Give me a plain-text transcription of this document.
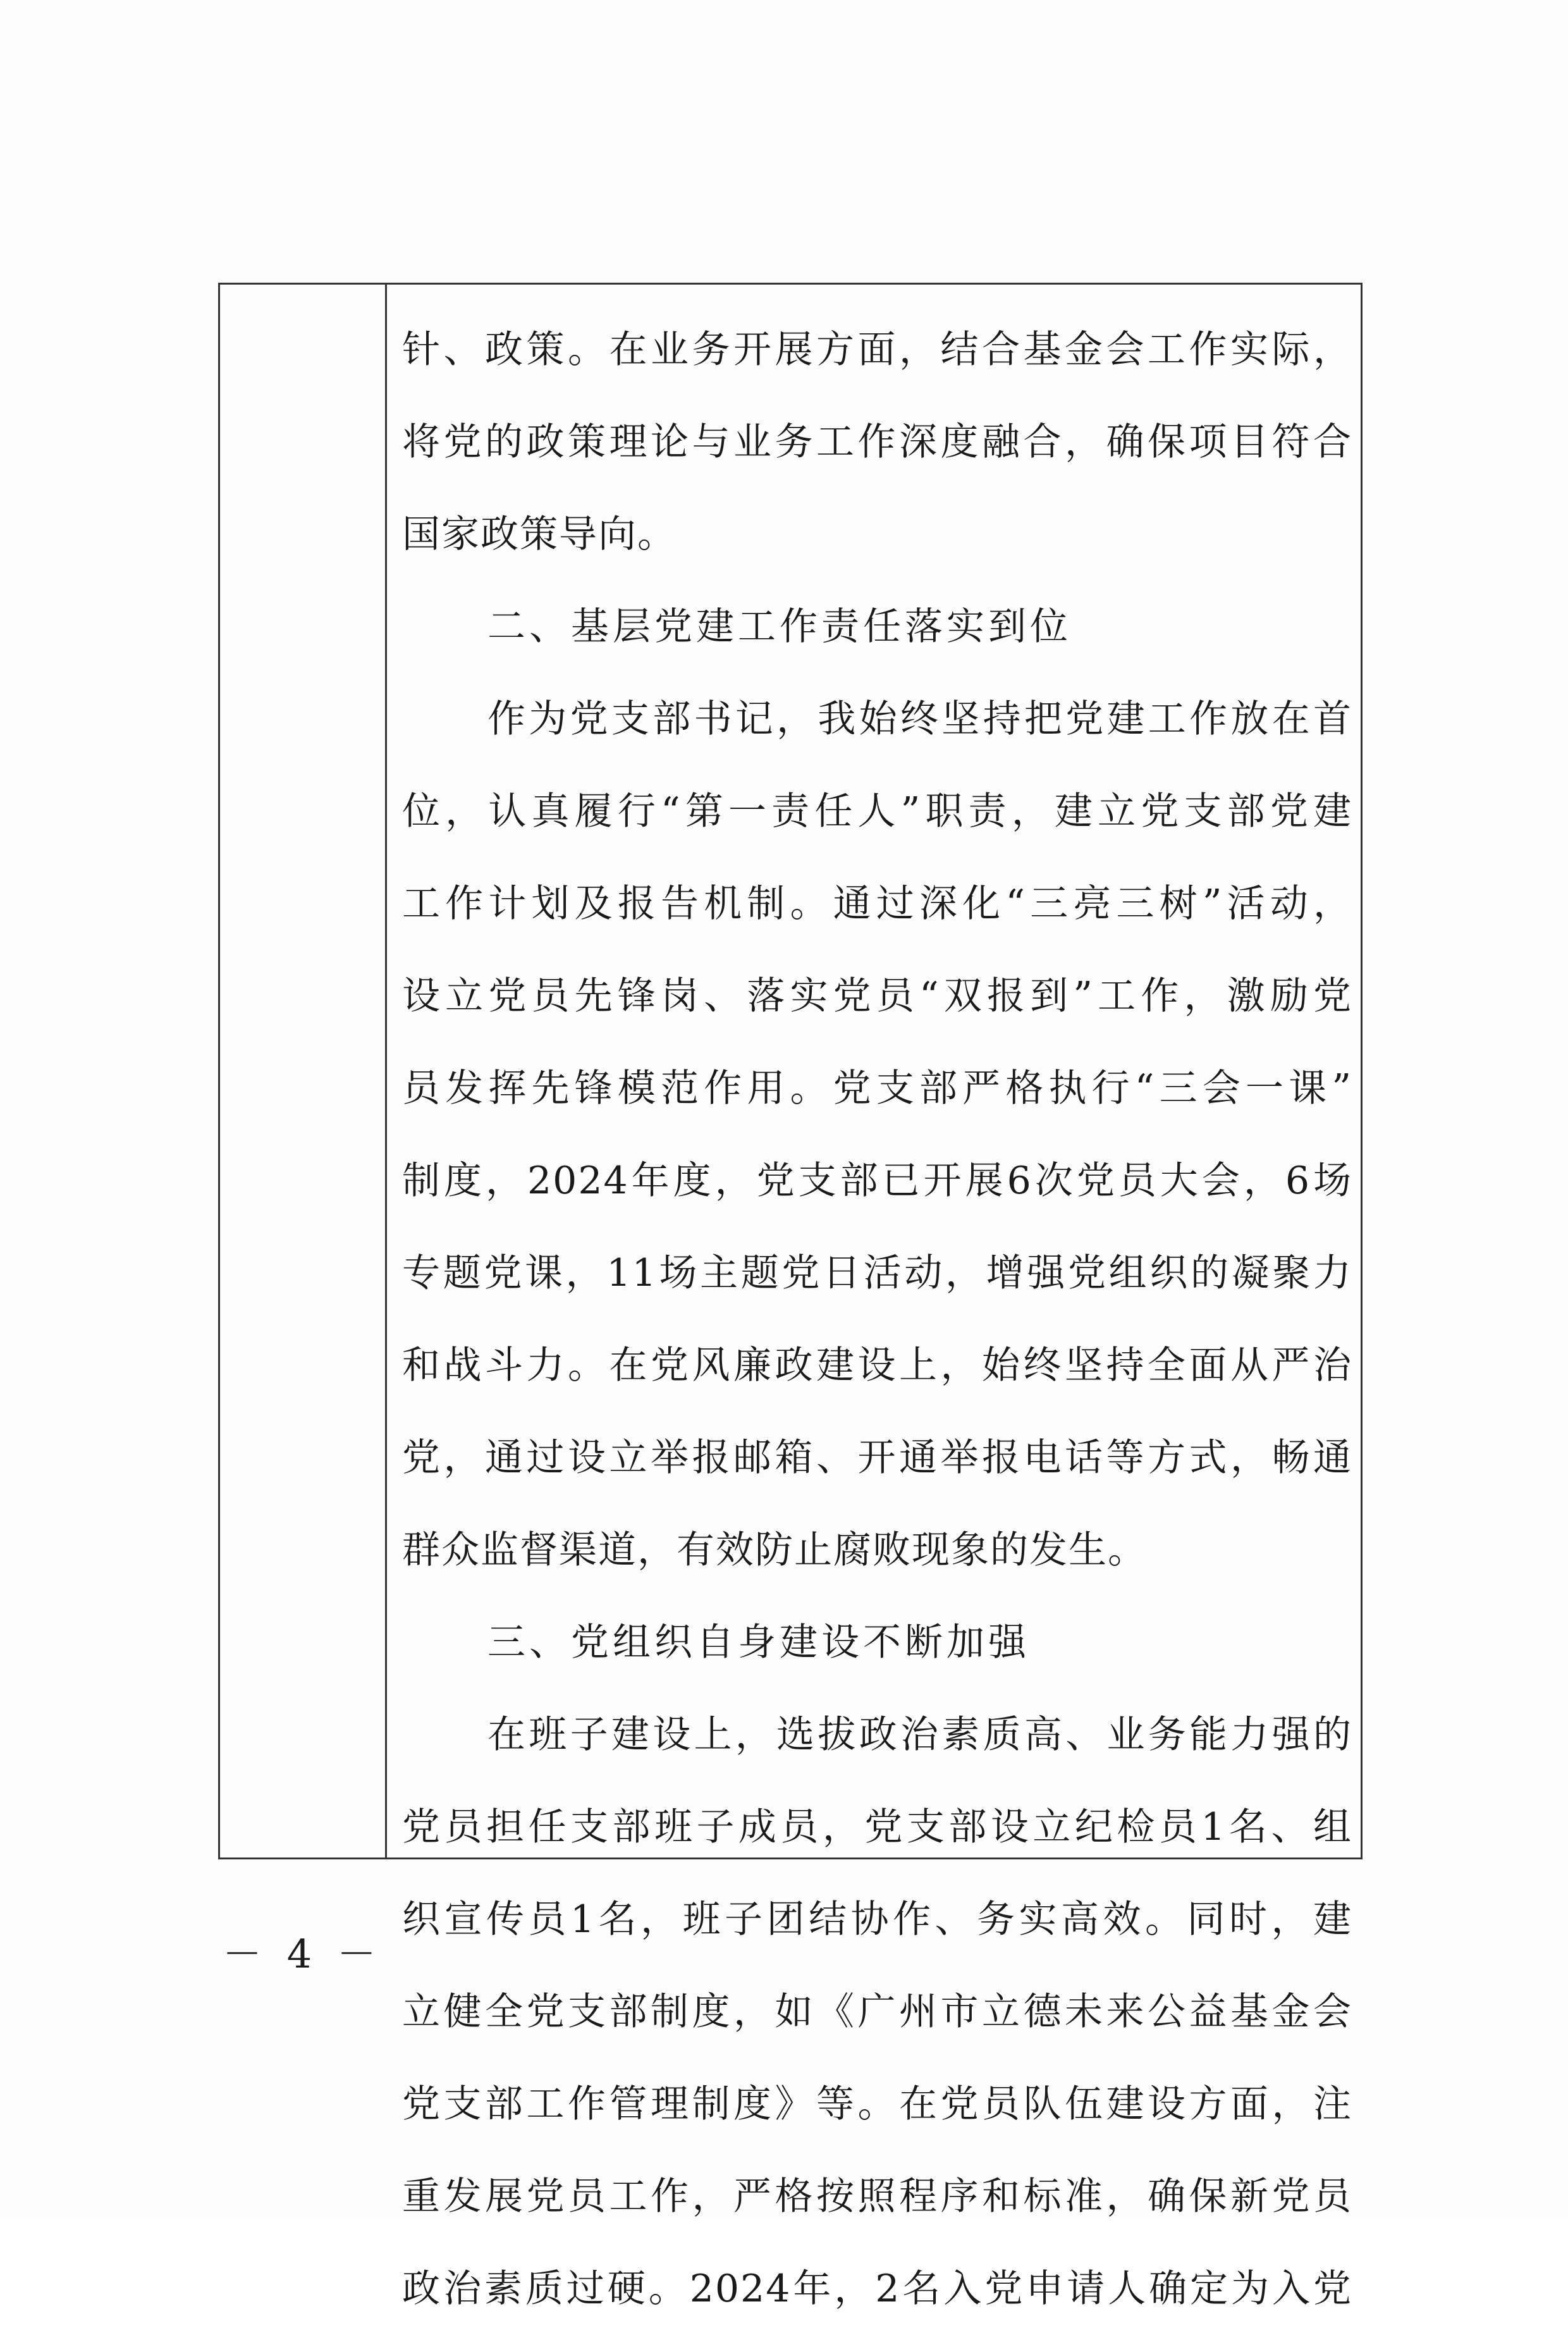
针、政策。在业务开展方面，结合基金会工作实际，
将党的政策理论与业务工作深度融合，确保项目符合
国家政策导向。
二、基层党建工作责任落实到位
作为党支部书记，我始终坚持把党建工作放在首
位，认真履行“第一责任人”职责，建立党支部党建
工作计划及报告机制。通过深化“三亮三树”活动，
设立党员先锋岗、落实党员“双报到”工作，激励党
员发挥先锋模范作用。党支部严格执行“三会一课”
制度，2024年度，党支部已开展6次党员大会，6场
专题党课，11场主题党日活动，增强党组织的凝聚力
和战斗力。在党风廉政建设上，始终坚持全面从严治
党，通过设立举报邮箱、开通举报电话等方式，畅通
群众监督渠道，有效防止腐败现象的发生。
三、党组织自身建设不断加强
在班子建设上，选拔政治素质高、业务能力强的
党员担任支部班子成员，党支部设立纪检员1名、组
织宣传员1名，班子团结协作、务实高效。同时，建
立健全党支部制度，如《广州市立德未来公益基金会
党支部工作管理制度》等。在党员队伍建设方面，注
重发展党员工作，严格按照程序和标准，确保新党员
政治素质过硬。2024年，2名入党申请人确定为入党
－ 4 －
